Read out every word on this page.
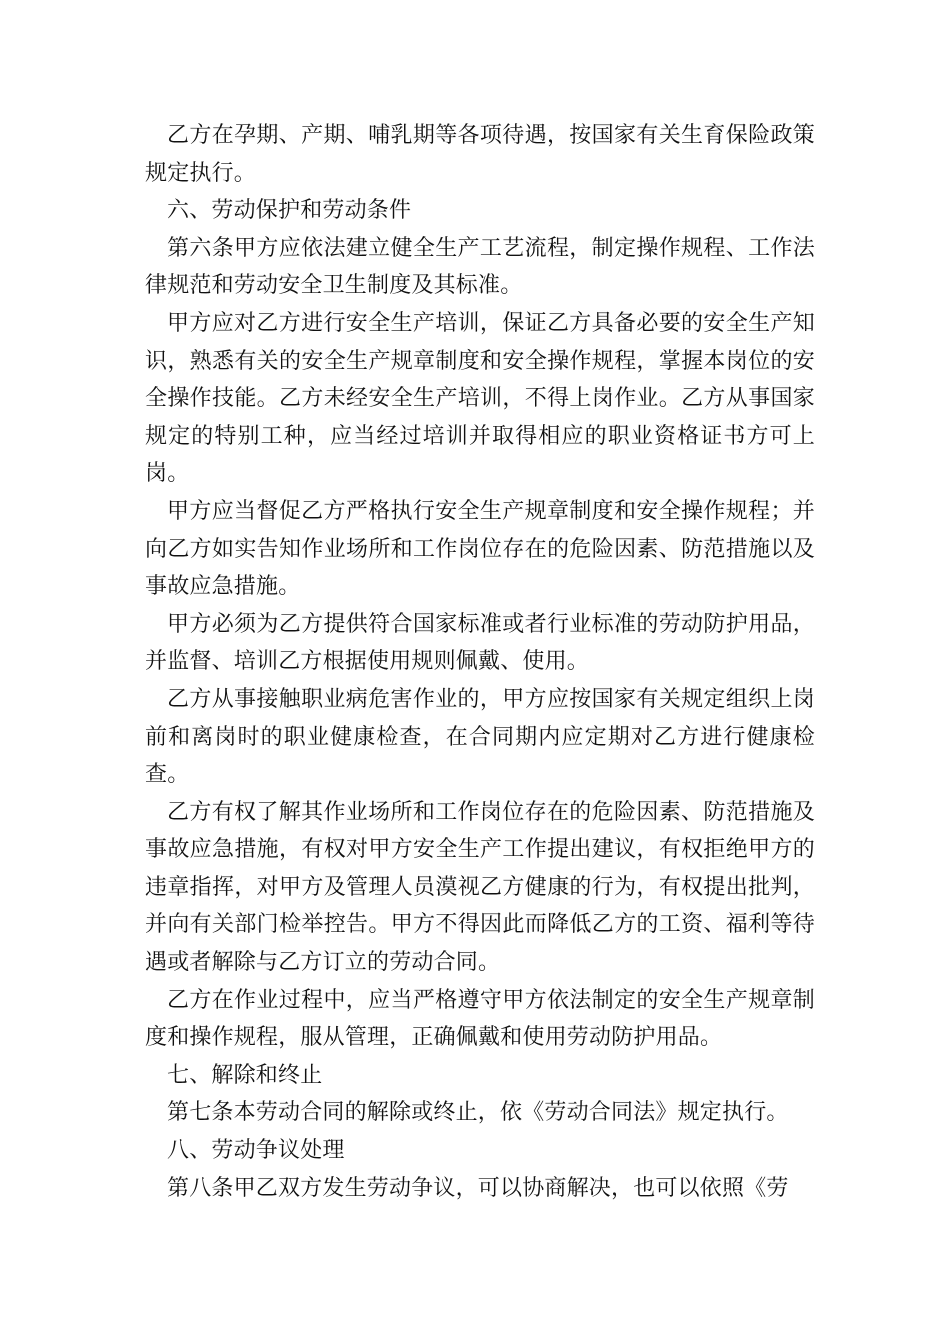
乙方在孕期、产期、哺乳期等各项待遇，按国家有关生育保险政策规定执行。

六、劳动保护和劳动条件

第六条甲方应依法建立健全生产工艺流程，制定操作规程、工作法律规范和劳动安全卫生制度及其标准。

甲方应对乙方进行安全生产培训，保证乙方具备必要的安全生产知识，熟悉有关的安全生产规章制度和安全操作规程，掌握本岗位的安全操作技能。乙方未经安全生产培训，不得上岗作业。乙方从事国家规定的特别工种，应当经过培训并取得相应的职业资格证书方可上岗。

甲方应当督促乙方严格执行安全生产规章制度和安全操作规程；并向乙方如实告知作业场所和工作岗位存在的危险因素、防范措施以及事故应急措施。

甲方必须为乙方提供符合国家标准或者行业标准的劳动防护用品，并监督、培训乙方根据使用规则佩戴、使用。

乙方从事接触职业病危害作业的，甲方应按国家有关规定组织上岗前和离岗时的职业健康检查，在合同期内应定期对乙方进行健康检查。

乙方有权了解其作业场所和工作岗位存在的危险因素、防范措施及事故应急措施，有权对甲方安全生产工作提出建议，有权拒绝甲方的违章指挥，对甲方及管理人员漠视乙方健康的行为，有权提出批判，并向有关部门检举控告。甲方不得因此而降低乙方的工资、福利等待遇或者解除与乙方订立的劳动合同。

乙方在作业过程中，应当严格遵守甲方依法制定的安全生产规章制度和操作规程，服从管理，正确佩戴和使用劳动防护用品。

七、解除和终止

第七条本劳动合同的解除或终止，依《劳动合同法》规定执行。

八、劳动争议处理

第八条甲乙双方发生劳动争议，可以协商解决，也可以依照《劳
